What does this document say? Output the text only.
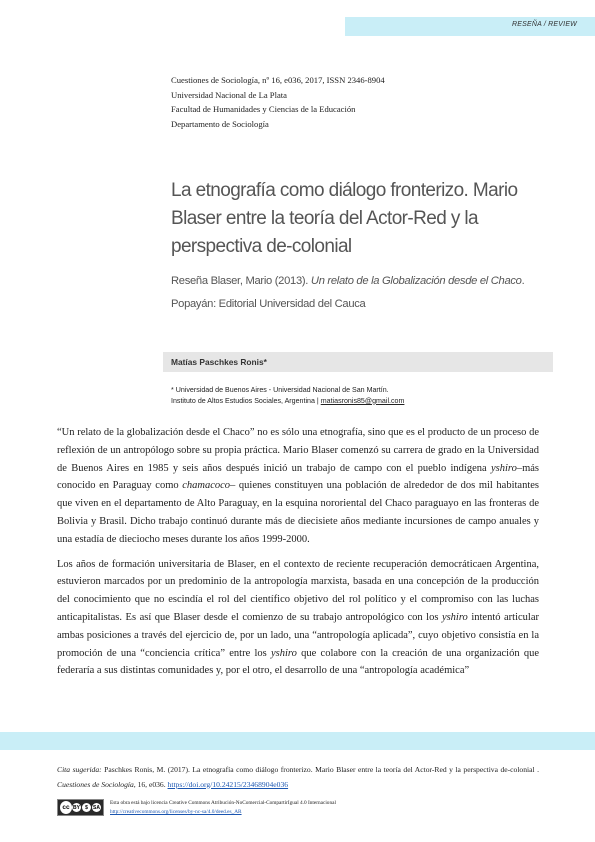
RESEÑA / REVIEW
Cuestiones de Sociología, nº 16, e036, 2017, ISSN 2346-8904
Universidad Nacional de La Plata
Facultad de Humanidades y Ciencias de la Educación
Departamento de Sociología
La etnografía como diálogo fronterizo. Mario Blaser entre la teoría del Actor-Red y la perspectiva de-colonial
Reseña Blaser, Mario (2013). Un relato de la Globalización desde el Chaco. Popayán: Editorial Universidad del Cauca
Matías Paschkes Ronis*
* Universidad de Buenos Aires - Universidad Nacional de San Martín.
Instituto de Altos Estudios Sociales, Argentina | matiasronis85@gmail.com

“Un relato de la globalización desde el Chaco” no es sólo una etnografía, sino que es el producto de un proceso de reflexión de un antropólogo sobre su propia práctica. Mario Blaser comenzó su carrera de grado en la Universidad de Buenos Aires en 1985 y seis años después inició un trabajo de campo con el pueblo indígena yshiro–más conocido en Paraguay como chamacoco– quienes constituyen una población de alrededor de dos mil habitantes que viven en el departamento de Alto Paraguay, en la esquina nororiental del Chaco paraguayo en las fronteras de Bolivia y Brasil. Dicho trabajo continuó durante más de diecisiete años mediante incursiones de campo anuales y una estadía de dieciocho meses durante los años 1999-2000.

Los años de formación universitaria de Blaser, en el contexto de reciente recuperación democráticaen Argentina, estuvieron marcados por un predominio de la antropología marxista, basada en una concepción de la producción del conocimiento que no escindía el rol del científico objetivo del rol político y el compromiso con las luchas anticapitalistas. Es así que Blaser desde el comienzo de su trabajo antropológico con los yshiro intentó articular ambas posiciones a través del ejercicio de, por un lado, una “antropología aplicada”, cuyo objetivo consistía en la promoción de una “conciencia crítica” entre los yshiro que colabore con la creación de una organización que federaría a sus distintas comunidades y, por el otro, el desarrollo de una “antropología académica”

Cita sugerida: Paschkes Ronis, M. (2017). La etnografía como diálogo fronterizo. Mario Blaser entre la teoría del Actor-Red y la perspectiva de-colonial . Cuestiones de Sociología, 16, e036. https://doi.org/10.24215/23468904e036
cc BY	$	SA
Esta obra está bajo licencia Creative Commons Atribución-NoComercial-CompartirIgual 4.0 Internacional
http://creativecommons.org/licenses/by-nc-sa/4.0/deed.es_AR
